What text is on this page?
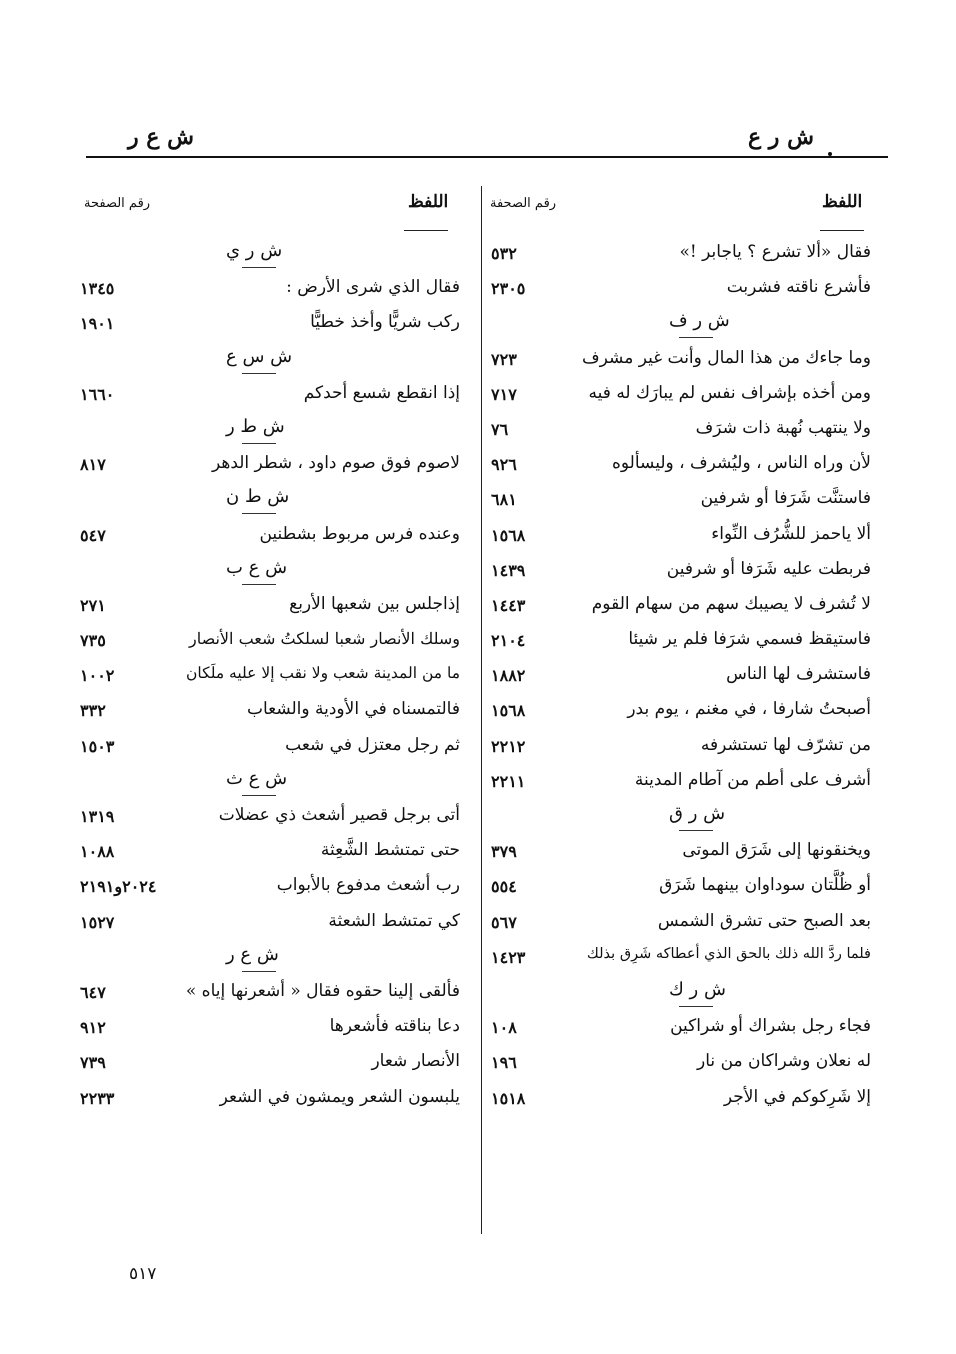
ش ر ع
ش ع ر
اللفظ
رقم الصحفة
اللفظ
رقم الصفحة
فقال «ألا تشرع ؟ ياجابر !»
٥٣٢
فأشرع ناقته فشربت
٢٣٠٥
ش ر ف
وما جاءك من هذا المال وأنت غير مشرف
٧٢٣
ومن أخذه بإشراف نفس لم يبارَك له فيه
٧١٧
ولا ينتهب نُهبة ذات شرَف
٧٦
لأن وراه الناس ، وليُشرف ، وليسألوه
٩٢٦
فاستنَّت شَرَفا أو شرفين
٦٨١
ألا ياحمز للشُّرُف النِّواء
١٥٦٨
فربطت عليه شَرَفا أو شرفين
١٤٣٩
لا تُشرف لا يصيبك سهم من سهام القوم
١٤٤٣
فاستيقظ فسمي شرَفا فلم ير شيئا
٢١٠٤
فاستشرف لها الناس
١٨٨٢
أصبحتُ شارفا ، في مغنم ، يوم بدر
١٥٦٨
من تشرّف لها تستشرفه
٢٢١٢
أشرف على أطم من آطام المدينة
٢٢١١
ش ر ق
ويخنقونها إلى شَرَق الموتى
٣٧٩
أو ظُلَّتان سوداوان بينهما شَرَق
٥٥٤
بعد الصبح حتى تشرق الشمس
٥٦٧
فلما ردَّ الله ذلك بالحق الذي أعطاكه شَرِق بذلك
١٤٢٣
ش ر ك
فجاء رجل بشراك أو شراكين
١٠٨
له نعلان وشراكان من نار
١٩٦
إلا شَرِكوكم في الأجر
١٥١٨
ش ر ي
فقال الذي شرى الأرض :
١٣٤٥
ركب شريًّا وأخذ خطيًّا
١٩٠١
ش س ع
إذا انقطع شسع أحدكم
١٦٦٠
ش ط ر
لاصوم فوق صوم داود ، شطر الدهر
٨١٧
ش ط ن
وعنده فرس مربوط بشطنين
٥٤٧
ش ع ب
إذاجلس بين شعبها الأربع
٢٧١
وسلك الأنصار شعبا لسلكتُ شعب الأنصار
٧٣٥
ما من المدينة شعب ولا نقب إلا عليه ملَكان
١٠٠٢
فالتمسناه في الأودية والشعاب
٣٣٢
ثم رجل معتزل في شعب
١٥٠٣
ش ع ث
أتى برجل قصير أشعث ذي عضلات
١٣١٩
حتى تمتشط الشَّعِثة
١٠٨٨
رب أشعث مدفوع بالأبواب
٢٠٢٤و٢١٩١
كي تمتشط الشعثة
١٥٢٧
ش ع ر
فألقى إلينا حقوه فقال « أشعرنها إياه »
٦٤٧
دعا بناقته فأشعرها
٩١٢
الأنصار شعار
٧٣٩
يلبسون الشعر ويمشون في الشعر
٢٢٣٣
٥١٧
